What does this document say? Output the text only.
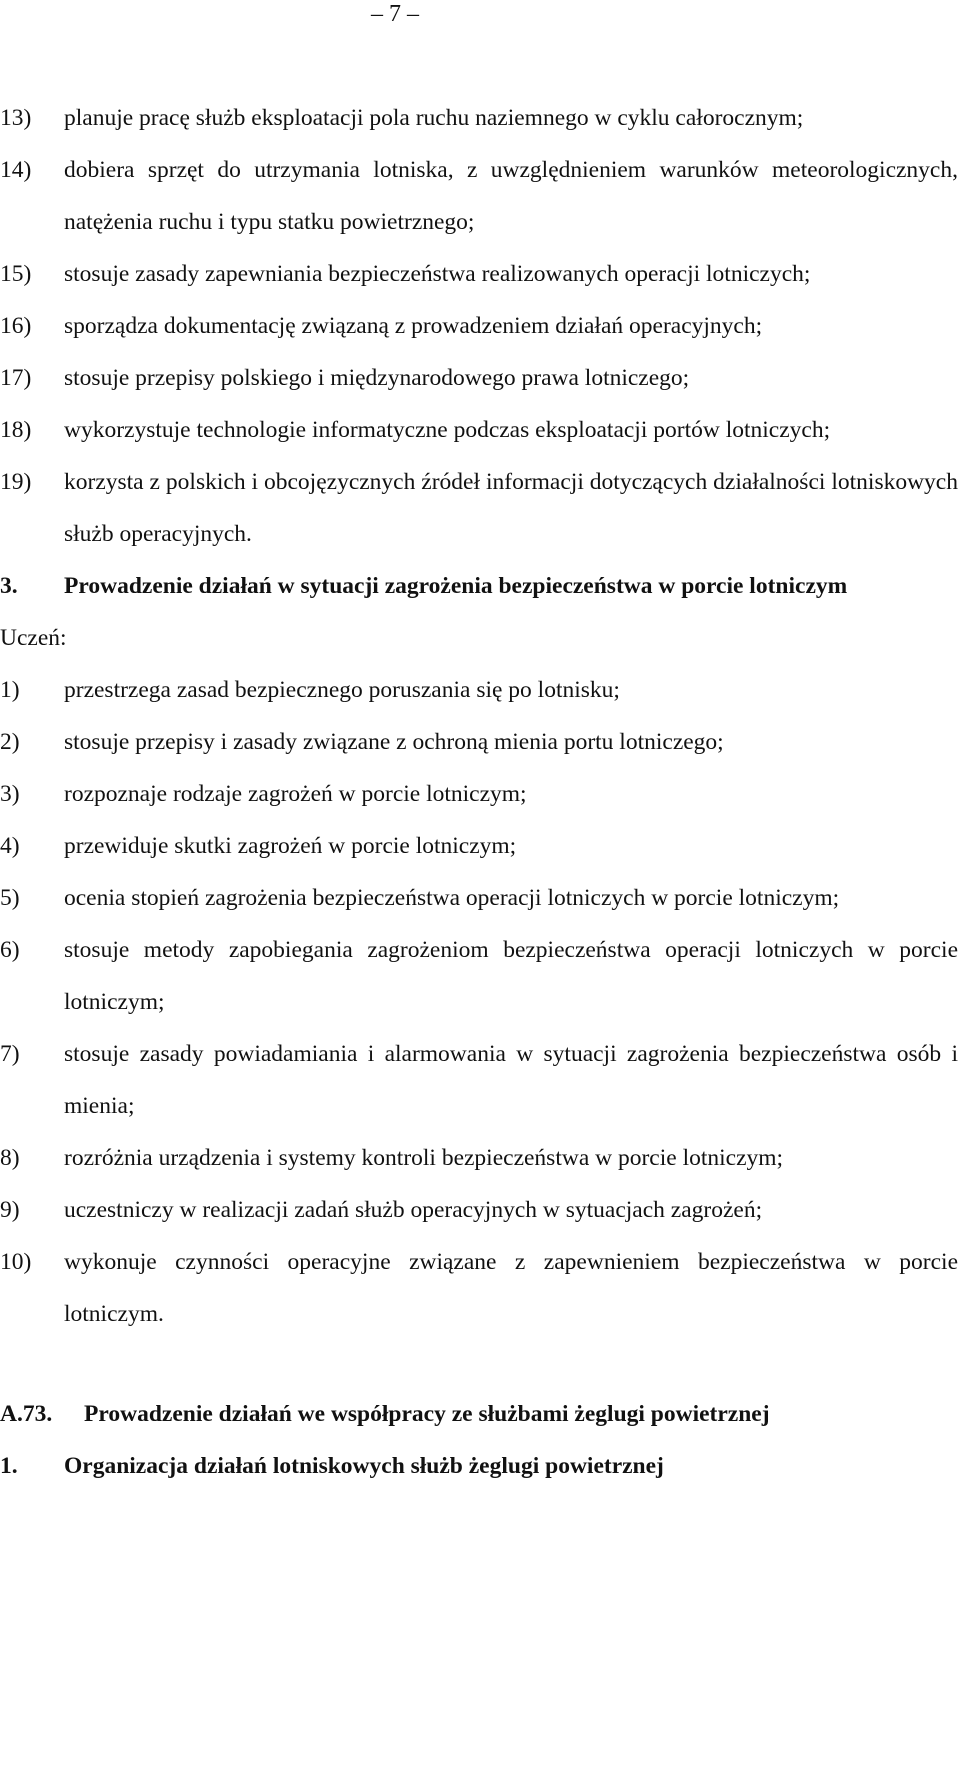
– 7 –
13)	planuje pracę służb eksploatacji pola ruchu naziemnego w cyklu całorocznym;
14)	dobiera sprzęt do utrzymania lotniska, z uwzględnieniem warunków meteorologicznych, natężenia ruchu i typu statku powietrznego;
15)	stosuje zasady zapewniania bezpieczeństwa realizowanych operacji lotniczych;
16)	sporządza dokumentację związaną z prowadzeniem działań operacyjnych;
17)	stosuje przepisy polskiego i międzynarodowego prawa lotniczego;
18)	wykorzystuje technologie informatyczne podczas eksploatacji portów lotniczych;
19)	korzysta z polskich i obcojęzycznych źródeł informacji dotyczących działalności lotniskowych służb operacyjnych.
3.	Prowadzenie działań w sytuacji zagrożenia bezpieczeństwa w porcie lotniczym
Uczeń:
1)	przestrzega zasad bezpiecznego poruszania się po lotnisku;
2)	stosuje przepisy i zasady związane z ochroną mienia portu lotniczego;
3)	rozpoznaje rodzaje zagrożeń w porcie lotniczym;
4)	przewiduje skutki zagrożeń w porcie lotniczym;
5)	ocenia stopień zagrożenia bezpieczeństwa operacji lotniczych w porcie lotniczym;
6)	stosuje metody zapobiegania zagrożeniom bezpieczeństwa operacji lotniczych w porcie lotniczym;
7)	stosuje zasady powiadamiania i alarmowania w sytuacji zagrożenia bezpieczeństwa osób i mienia;
8)	rozróżnia urządzenia i systemy kontroli bezpieczeństwa w porcie lotniczym;
9)	uczestniczy w realizacji zadań służb operacyjnych w sytuacjach zagrożeń;
10)	wykonuje czynności operacyjne związane z zapewnieniem bezpieczeństwa w porcie lotniczym.
A.73.	Prowadzenie działań we współpracy ze służbami żeglugi powietrznej
1.	Organizacja działań lotniskowych służb żeglugi powietrznej
